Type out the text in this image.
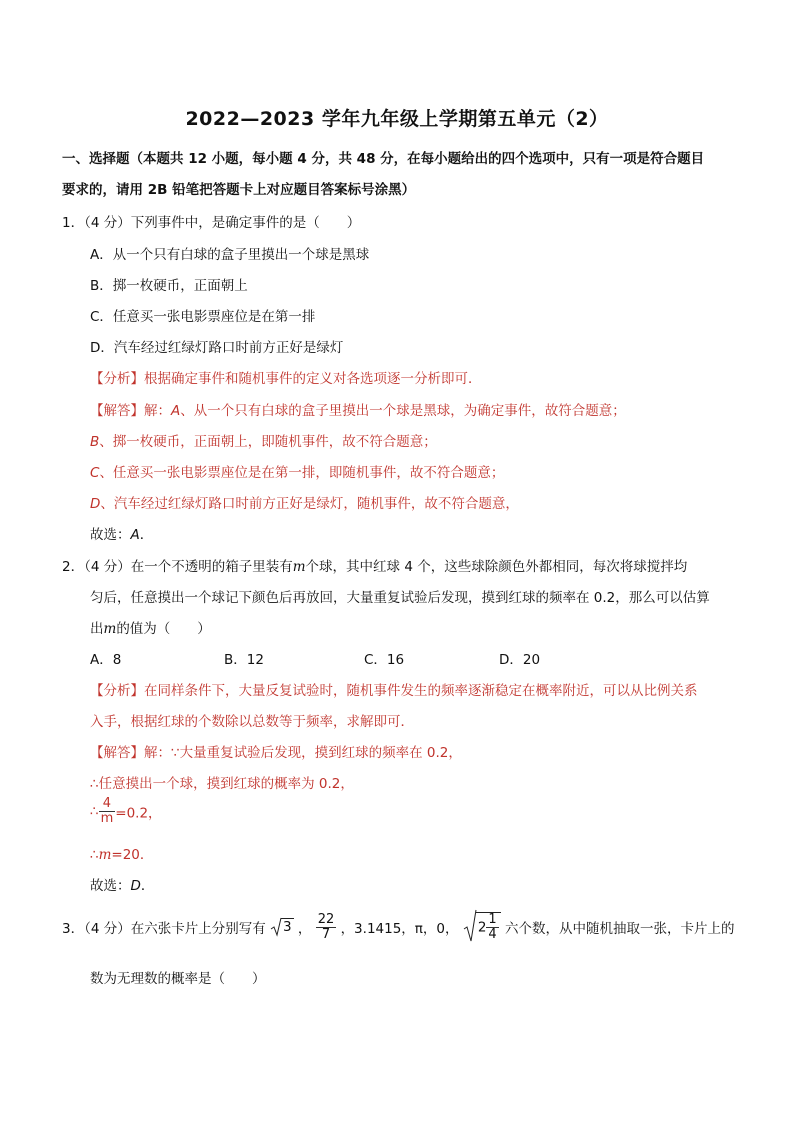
2022—2023 学年九年级上学期第五单元（2）
一、选择题（本题共 12 小题，每小题 4 分，共 48 分，在每小题给出的四个选项中，只有一项是符合题目
要求的，请用 2B 铅笔把答题卡上对应题目答案标号涂黑）
1．（4 分）下列事件中，是确定事件的是（　　）
A．从一个只有白球的盒子里摸出一个球是黑球
B．掷一枚硬币，正面朝上
C．任意买一张电影票座位是在第一排
D．汽车经过红绿灯路口时前方正好是绿灯
【分析】根据确定事件和随机事件的定义对各选项逐一分析即可．
【解答】解：A、从一个只有白球的盒子里摸出一个球是黑球，为确定事件，故符合题意；
B、掷一枚硬币，正面朝上，即随机事件，故不符合题意；
C、任意买一张电影票座位是在第一排，即随机事件，故不符合题意；
D、汽车经过红绿灯路口时前方正好是绿灯，随机事件，故不符合题意，
故选：A．
2．（4 分）在一个不透明的箱子里装有m个球，其中红球 4 个，这些球除颜色外都相同，每次将球搅拌均
匀后，任意摸出一个球记下颜色后再放回，大量重复试验后发现，摸到红球的频率在 0.2，那么可以估算
出m的值为（　　）
A．8	B．12	C．16	D．20
【分析】在同样条件下，大量反复试验时，随机事件发生的频率逐渐稳定在概率附近，可以从比例关系
入手，根据红球的个数除以总数等于频率，求解即可．
【解答】解：∵大量重复试验后发现，摸到红球的频率在 0.2，
∴任意摸出一个球，摸到红球的概率为 0.2，
∴ $\frac{4}{m} =0.2$，
∴m=20．
故选：D．
3．（4 分）在六张卡片上分别写有 3 ， $\frac{22}{7}$ ，3.1415，π，0， $2 \frac{1}{4}$ 六个数，从中随机抽取一张，卡片上的
数为无理数的概率是（　　）
